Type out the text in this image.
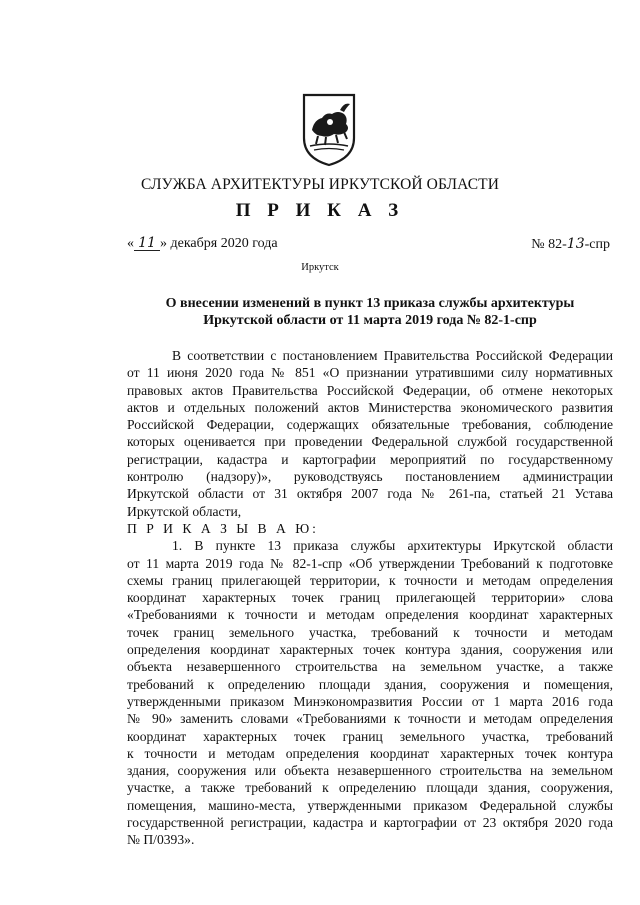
СЛУЖБА АРХИТЕКТУРЫ ИРКУТСКОЙ ОБЛАСТИ
П Р И К А З
« 11 » декабря 2020 года	№ 82-13-спр
Иркутск
О внесении изменений в пункт 13 приказа службы архитектуры
Иркутской области от 11 марта 2019 года № 82-1-спр
В соответствии с постановлением Правительства Российской Федерации
от 11 июня 2020 года № 851 «О признании утратившими силу нормативных
правовых актов Правительства Российской Федерации, об отмене некоторых
актов и отдельных положений актов Министерства экономического развития
Российской Федерации, содержащих обязательные требования, соблюдение
которых оценивается при проведении Федеральной службой государственной
регистрации, кадастра и картографии мероприятий по государственному
контролю (надзору)», руководствуясь постановлением администрации
Иркутской области от 31 октября 2007 года № 261-па, статьей 21 Устава
Иркутской области,
П Р И К А З Ы В А Ю:
1. В пункте 13 приказа службы архитектуры Иркутской области
от 11 марта 2019 года № 82-1-спр «Об утверждении Требований к подготовке
схемы границ прилегающей территории, к точности и методам определения
координат характерных точек границ прилегающей территории» слова
«Требованиями к точности и методам определения координат характерных
точек границ земельного участка, требований к точности и методам
определения координат характерных точек контура здания, сооружения или
объекта незавершенного строительства на земельном участке, а также
требований к определению площади здания, сооружения и помещения,
утвержденными приказом Минэкономразвития России от 1 марта 2016 года
№ 90» заменить словами «Требованиями к точности и методам определения
координат характерных точек границ земельного участка, требований
к точности и методам определения координат характерных точек контура
здания, сооружения или объекта незавершенного строительства на земельном
участке, а также требований к определению площади здания, сооружения,
помещения, машино-места, утвержденными приказом Федеральной службы
государственной регистрации, кадастра и картографии от 23 октября 2020 года
№ П/0393».
